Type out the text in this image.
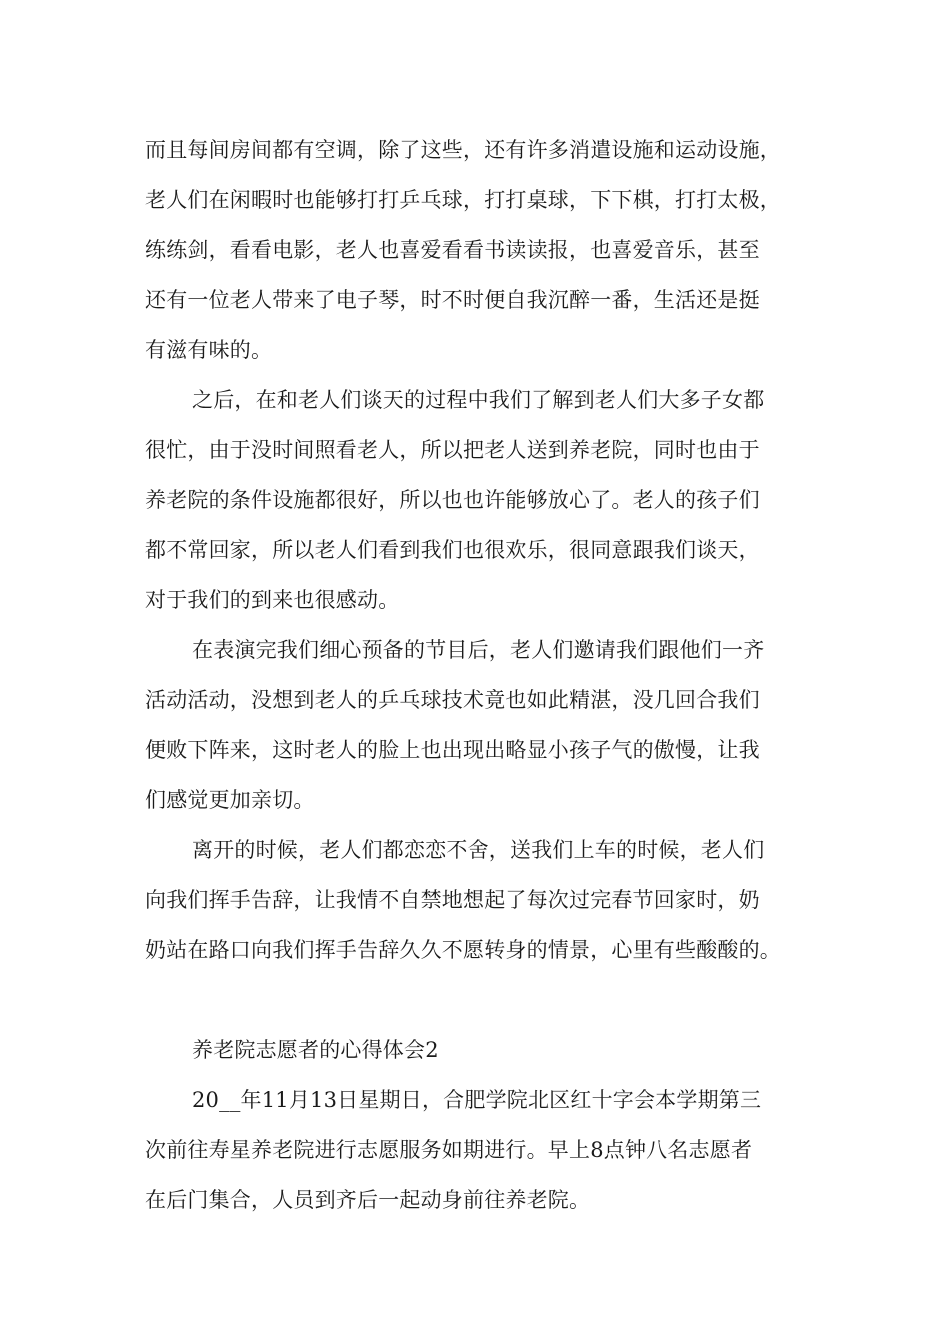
而且每间房间都有空调，除了这些，还有许多消遣设施和运动设施，
老人们在闲暇时也能够打打乒乓球，打打桌球，下下棋，打打太极，
练练剑，看看电影，老人也喜爱看看书读读报，也喜爱音乐，甚至
还有一位老人带来了电子琴，时不时便自我沉醉一番，生活还是挺
有滋有味的。
之后，在和老人们谈天的过程中我们了解到老人们大多子女都
很忙，由于没时间照看老人，所以把老人送到养老院，同时也由于
养老院的条件设施都很好，所以也也许能够放心了。老人的孩子们
都不常回家，所以老人们看到我们也很欢乐，很同意跟我们谈天，
对于我们的到来也很感动。
在表演完我们细心预备的节目后，老人们邀请我们跟他们一齐
活动活动，没想到老人的乒乓球技术竟也如此精湛，没几回合我们
便败下阵来，这时老人的脸上也出现出略显小孩子气的傲慢，让我
们感觉更加亲切。
离开的时候，老人们都恋恋不舍，送我们上车的时候，老人们
向我们挥手告辞，让我情不自禁地想起了每次过完春节回家时，奶
奶站在路口向我们挥手告辞久久不愿转身的情景，心里有些酸酸的。
养老院志愿者的心得体会2
20__年11月13日星期日，合肥学院北区红十字会本学期第三
次前往寿星养老院进行志愿服务如期进行。早上8点钟八名志愿者
在后门集合，人员到齐后一起动身前往养老院。
